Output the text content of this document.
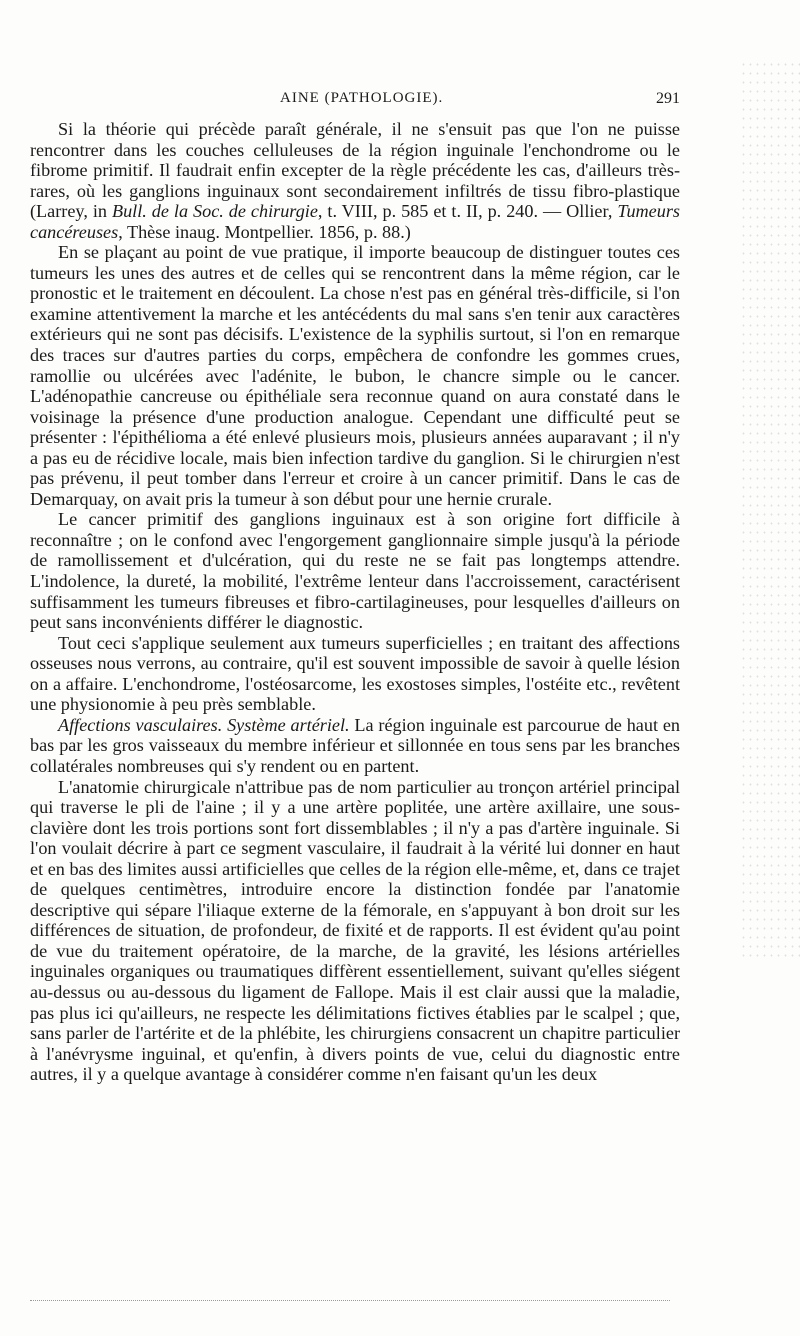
AINE (PATHOLOGIE).	291

Si la théorie qui précède paraît générale, il ne s'ensuit pas que l'on ne puisse rencontrer dans les couches celluleuses de la région inguinale l'enchondrome ou le fibrome primitif. Il faudrait enfin excepter de la règle précédente les cas, d'ailleurs très-rares, où les ganglions inguinaux sont secondairement infiltrés de tissu fibro-plastique (Larrey, in Bull. de la Soc. de chirurgie, t. VIII, p. 585 et t. II, p. 240. — Ollier, Tumeurs cancéreuses, Thèse inaug. Montpellier. 1856, p. 88.)

En se plaçant au point de vue pratique, il importe beaucoup de distinguer toutes ces tumeurs les unes des autres et de celles qui se rencontrent dans la même région, car le pronostic et le traitement en découlent. La chose n'est pas en général très-difficile, si l'on examine attentivement la marche et les antécédents du mal sans s'en tenir aux caractères extérieurs qui ne sont pas décisifs. L'existence de la syphilis surtout, si l'on en remarque des traces sur d'autres parties du corps, empêchera de confondre les gommes crues, ramollie ou ulcérées avec l'adénite, le bubon, le chancre simple ou le cancer. L'adénopathie cancreuse ou épithéliale sera reconnue quand on aura constaté dans le voisinage la présence d'une production analogue. Cependant une difficulté peut se présenter : l'épithélioma a été enlevé plusieurs mois, plusieurs années auparavant ; il n'y a pas eu de récidive locale, mais bien infection tardive du ganglion. Si le chirurgien n'est pas prévenu, il peut tomber dans l'erreur et croire à un cancer primitif. Dans le cas de Demarquay, on avait pris la tumeur à son début pour une hernie crurale.

Le cancer primitif des ganglions inguinaux est à son origine fort difficile à reconnaître ; on le confond avec l'engorgement ganglionnaire simple jusqu'à la période de ramollissement et d'ulcération, qui du reste ne se fait pas longtemps attendre. L'indolence, la dureté, la mobilité, l'extrême lenteur dans l'accroissement, caractérisent suffisamment les tumeurs fibreuses et fibro-cartilagineuses, pour lesquelles d'ailleurs on peut sans inconvénients différer le diagnostic.

Tout ceci s'applique seulement aux tumeurs superficielles ; en traitant des affections osseuses nous verrons, au contraire, qu'il est souvent impossible de savoir à quelle lésion on a affaire. L'enchondrome, l'ostéosarcome, les exostoses simples, l'ostéite etc., revêtent une physionomie à peu près semblable.

Affections vasculaires. Système artériel. La région inguinale est parcourue de haut en bas par les gros vaisseaux du membre inférieur et sillonnée en tous sens par les branches collatérales nombreuses qui s'y rendent ou en partent.

L'anatomie chirurgicale n'attribue pas de nom particulier au tronçon artériel principal qui traverse le pli de l'aine ; il y a une artère poplitée, une artère axillaire, une sous-clavière dont les trois portions sont fort dissemblables ; il n'y a pas d'artère inguinale. Si l'on voulait décrire à part ce segment vasculaire, il faudrait à la vérité lui donner en haut et en bas des limites aussi artificielles que celles de la région elle-même, et, dans ce trajet de quelques centimètres, introduire encore la distinction fondée par l'anatomie descriptive qui sépare l'iliaque externe de la fémorale, en s'appuyant à bon droit sur les différences de situation, de profondeur, de fixité et de rapports. Il est évident qu'au point de vue du traitement opératoire, de la marche, de la gravité, les lésions artérielles inguinales organiques ou traumatiques diffèrent essentiellement, suivant qu'elles siégent au-dessus ou au-dessous du ligament de Fallope. Mais il est clair aussi que la maladie, pas plus ici qu'ailleurs, ne respecte les délimitations fictives établies par le scalpel ; que, sans parler de l'artérite et de la phlébite, les chirurgiens consacrent un chapitre particulier à l'anévrysme inguinal, et qu'enfin, à divers points de vue, celui du diagnostic entre autres, il y a quelque avantage à considérer comme n'en faisant qu'un les deux
